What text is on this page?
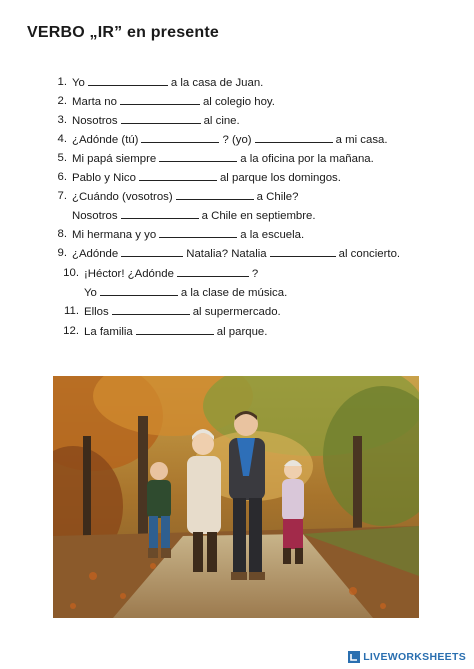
VERBO „IR” en presente
1. Yo	a la casa de Juan.
2. Marta no	al colegio hoy.
3. Nosotros	al cine.
4. ¿Adónde (tú)	? (yo)	a mi casa.
5. Mi papá siempre	a la oficina por la mañana.
6. Pablo y Nico	al parque los domingos.
7. ¿Cuándo (vosotros)	a Chile?
Nosotros	a Chile en septiembre.
8. Mi hermana y yo	a la escuela.
9. ¿Adónde	Natalia? Natalia	al concierto.
10. ¡Héctor! ¿Adónde	?
Yo	a la clase de música.
11. Ellos	al supermercado.
12. La familia	al parque.
LIVEWORKSHEETS
